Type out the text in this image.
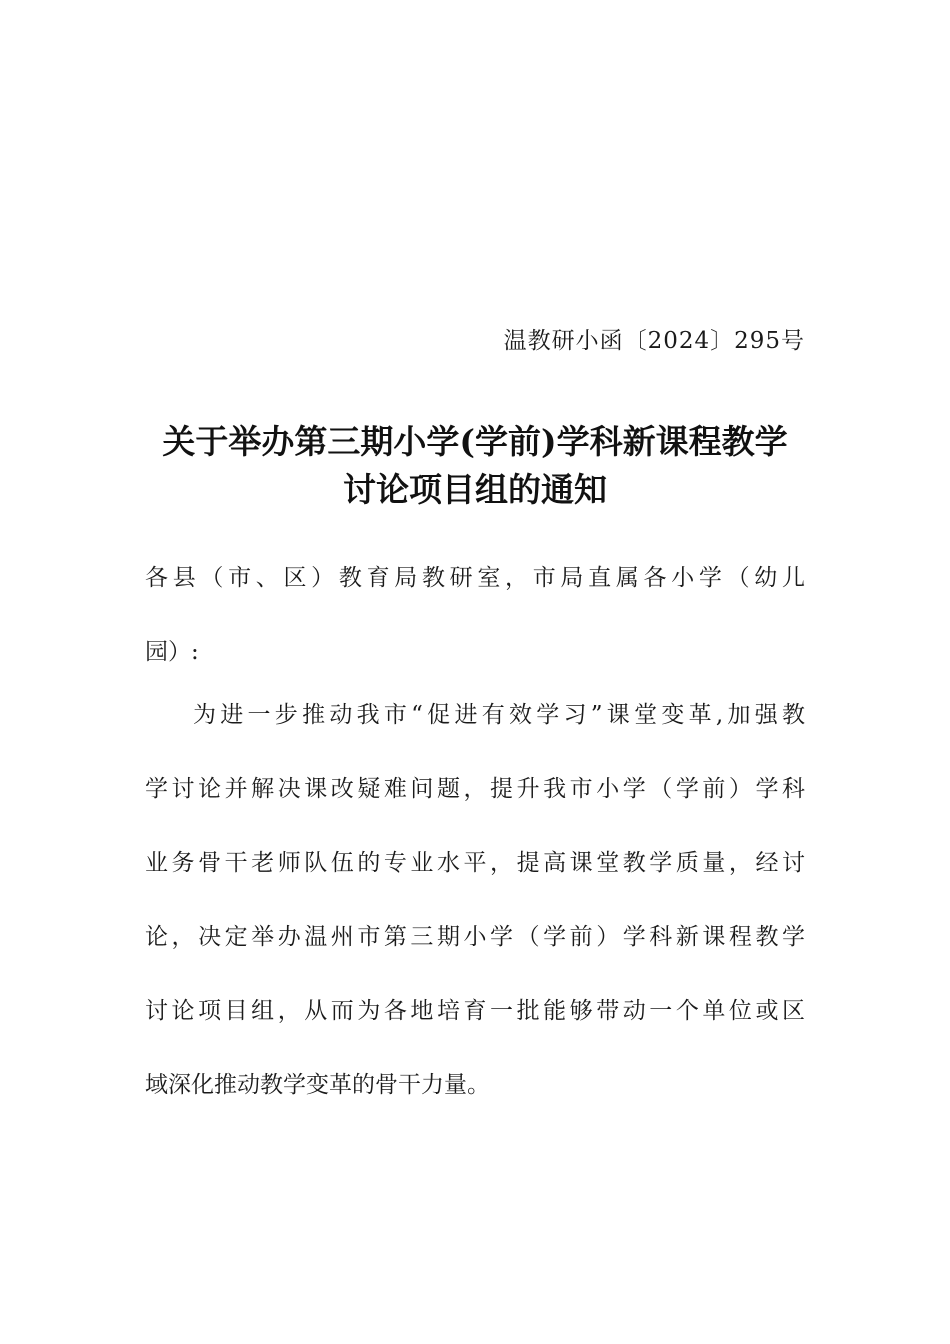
温教研小函〔2024〕295号
关于举办第三期小学(学前)学科新课程教学
讨论项目组的通知
各县（市、区）教育局教研室，市局直属各小学（幼儿
园）:
为进一步推动我市“促进有效学习”课堂变革,加强教
学讨论并解决课改疑难问题，提升我市小学（学前）学科
业务骨干老师队伍的专业水平，提高课堂教学质量，经讨
论，决定举办温州市第三期小学（学前）学科新课程教学
讨论项目组，从而为各地培育一批能够带动一个单位或区
域深化推动教学变革的骨干力量。
